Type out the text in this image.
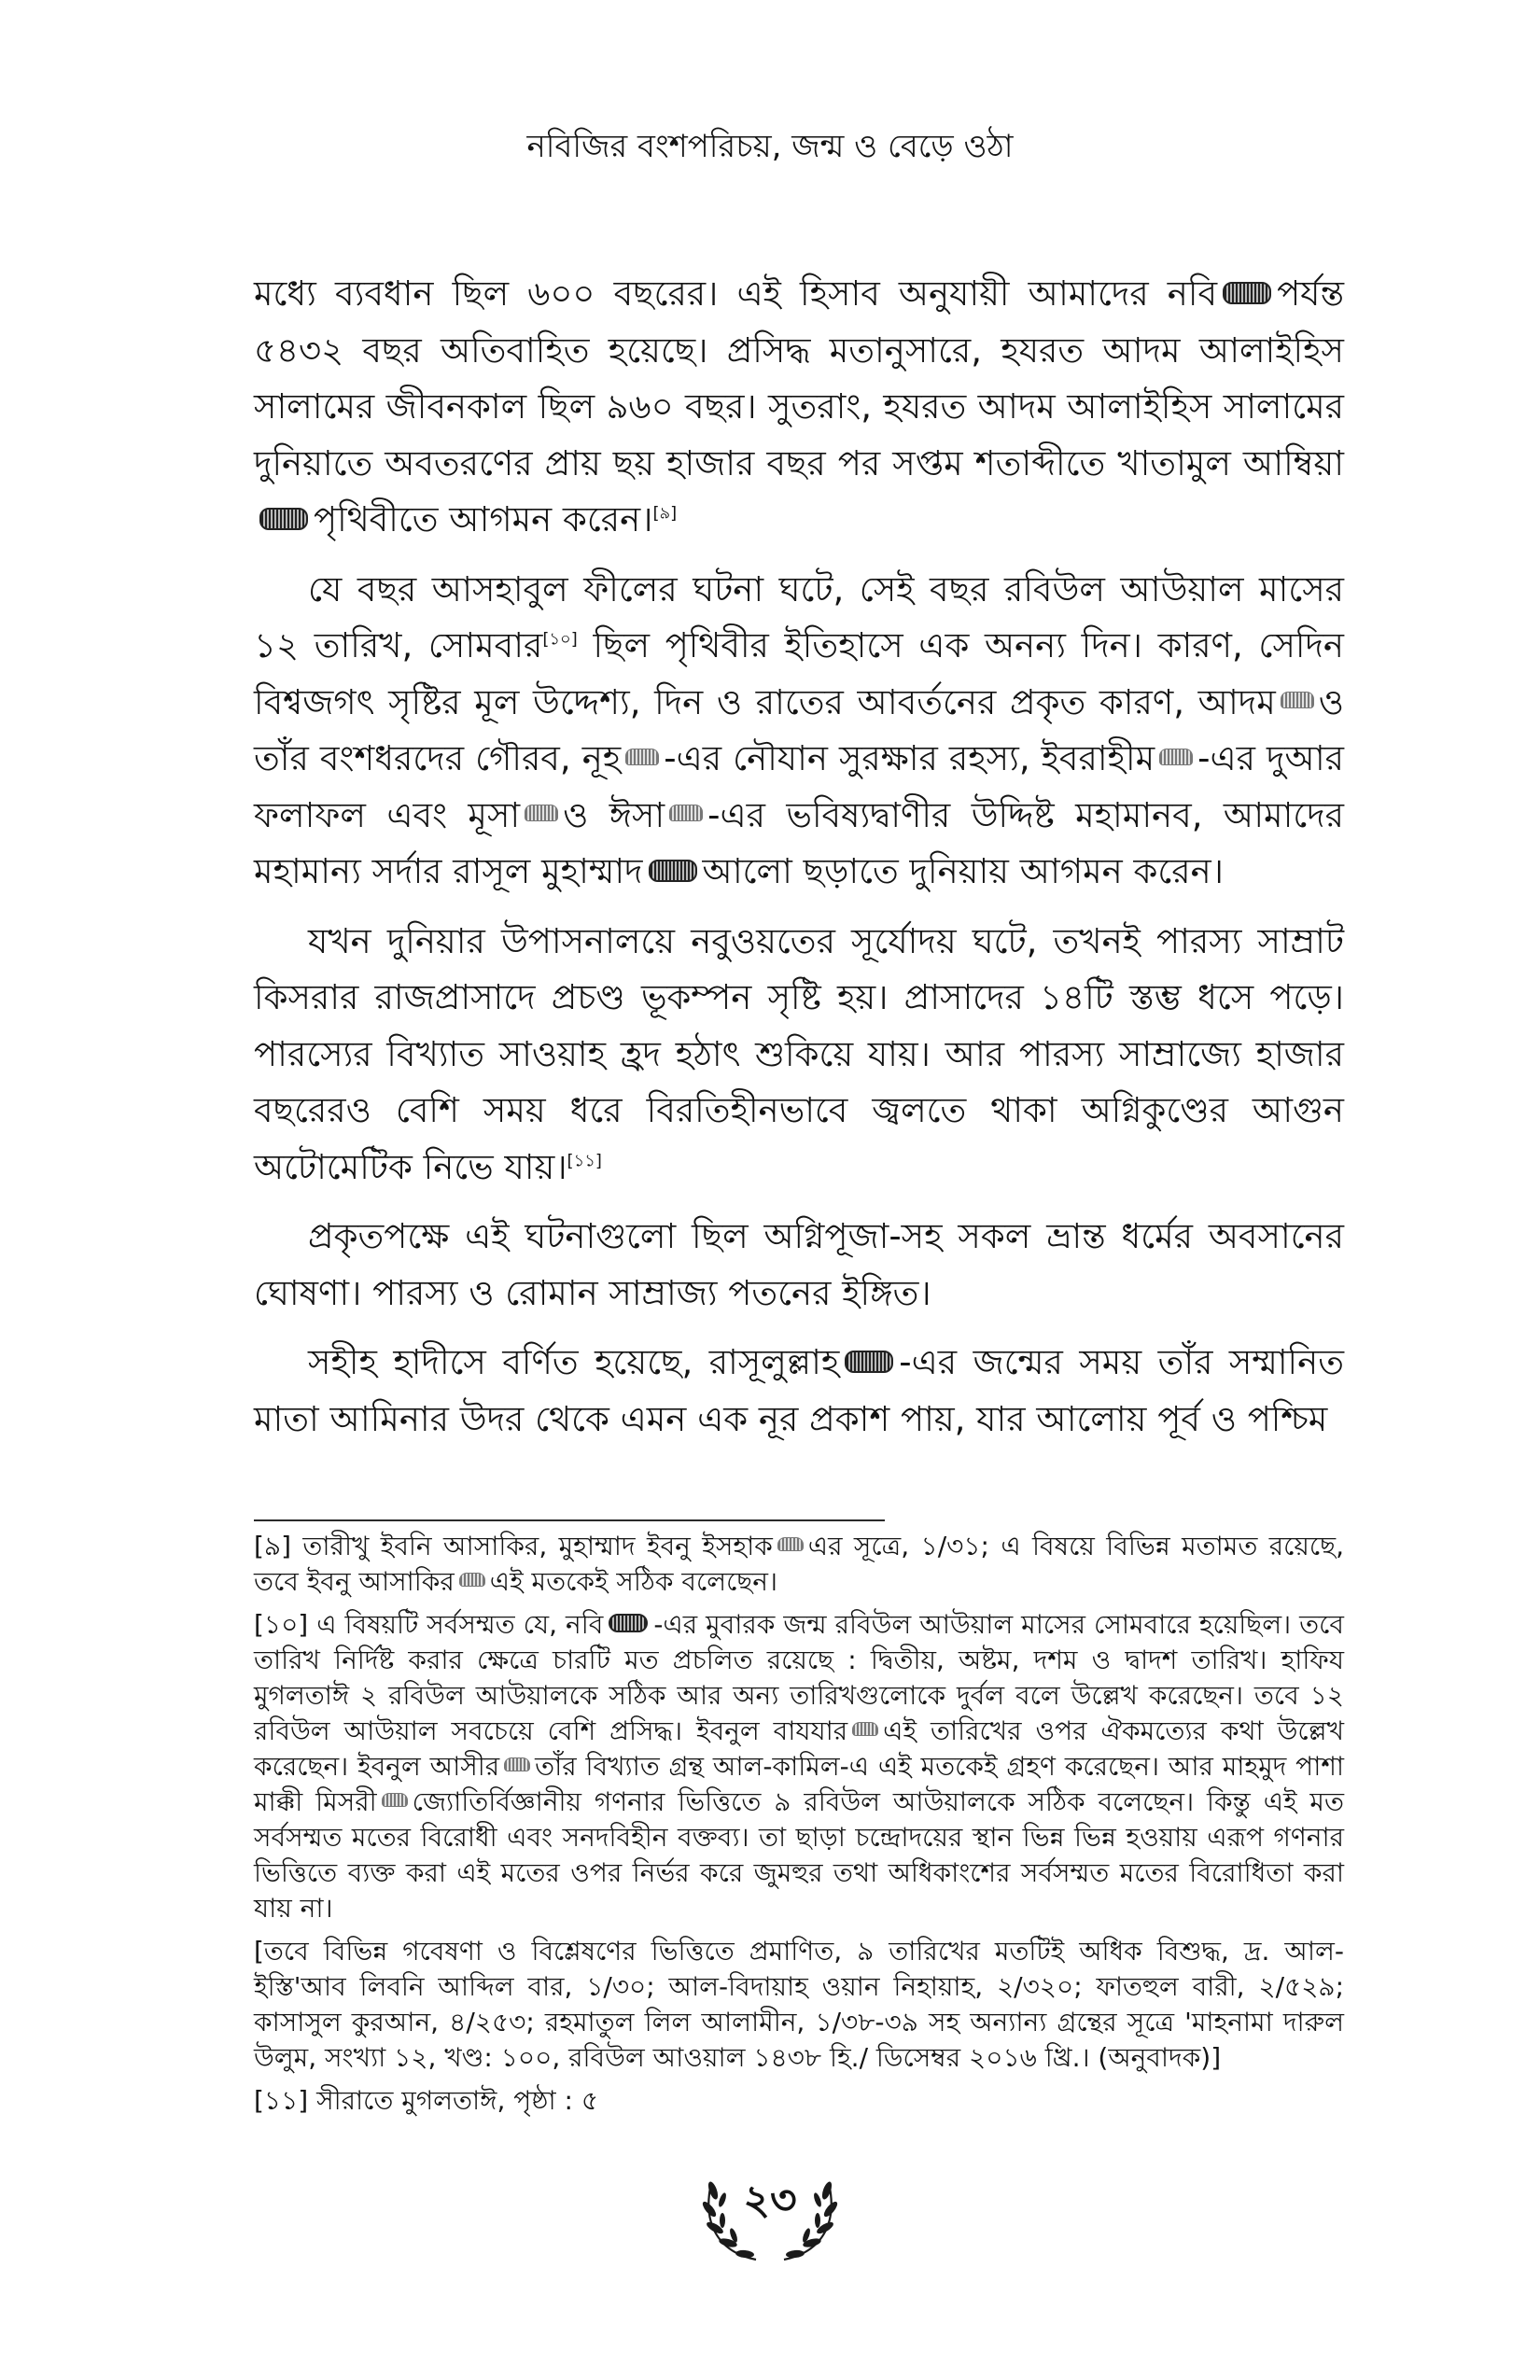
নবিজির বংশপরিচয়, জন্ম ও বেড়ে ওঠা

মধ্যে ব্যবধান ছিল ৬০০ বছরের। এই হিসাব অনুযায়ী আমাদের নবি পর্যন্ত ৫৪৩২ বছর অতিবাহিত হয়েছে। প্রসিদ্ধ মতানুসারে, হযরত আদম আলাইহিস সালামের জীবনকাল ছিল ৯৬০ বছর। সুতরাং, হযরত আদম আলাইহিস সালামের দুনিয়াতে অবতরণের প্রায় ছয় হাজার বছর পর সপ্তম শতাব্দীতে খাতামুল আম্বিয়াপৃথিবীতে আগমন করেন।[৯]

যে বছর আসহাবুল ফীলের ঘটনা ঘটে, সেই বছর রবিউল আউয়াল মাসের ১২ তারিখ, সোমবার[১০] ছিল পৃথিবীর ইতিহাসে এক অনন্য দিন। কারণ, সেদিন বিশ্বজগৎ সৃষ্টির মূল উদ্দেশ্য, দিন ও রাতের আবর্তনের প্রকৃত কারণ, আদম ও তাঁর বংশধরদের গৌরব, নূহ -এর নৌযান সুরক্ষার রহস্য, ইবরাহীম -এর দুআর ফলাফল এবং মূসা ও ঈসা -এর ভবিষ্যদ্বাণীর উদ্দিষ্ট মহামানব, আমাদের মহামান্য সর্দার রাসূল মুহাম্মাদ আলো ছড়াতে দুনিয়ায় আগমন করেন।

যখন দুনিয়ার উপাসনালয়ে নবুওয়তের সূর্যোদয় ঘটে, তখনই পারস্য সাম্রাট কিসরার রাজপ্রাসাদে প্রচণ্ড ভূকম্পন সৃষ্টি হয়। প্রাসাদের ১৪টি স্তম্ভ ধসে পড়ে। পারস্যের বিখ্যাত সাওয়াহ হ্রদ হঠাৎ শুকিয়ে যায়। আর পারস্য সাম্রাজ্যে হাজার বছরেরও বেশি সময় ধরে বিরতিহীনভাবে জ্বলতে থাকা অগ্নিকুণ্ডের আগুন অটোমেটিক নিভে যায়।[১১]

প্রকৃতপক্ষে এই ঘটনাগুলো ছিল অগ্নিপূজা-সহ সকল ভ্রান্ত ধর্মের অবসানের ঘোষণা। পারস্য ও রোমান সাম্রাজ্য পতনের ইঙ্গিত।

সহীহ হাদীসে বর্ণিত হয়েছে, রাসূলুল্লাহ -এর জন্মের সময় তাঁর সম্মানিত মাতা আমিনার উদর থেকে এমন এক নূর প্রকাশ পায়, যার আলোয় পূর্ব ও পশ্চিম

[৯] তারীখু ইবনি আসাকির, মুহাম্মাদ ইবনু ইসহাক এর সূত্রে, ১/৩১; এ বিষয়ে বিভিন্ন মতামত রয়েছে, তবে ইবনু আসাকির এই মতকেই সঠিক বলেছেন।

[১০] এ বিষয়টি সর্বসম্মত যে, নবি -এর মুবারক জন্ম রবিউল আউয়াল মাসের সোমবারে হয়েছিল। তবে তারিখ নির্দিষ্ট করার ক্ষেত্রে চারটি মত প্রচলিত রয়েছে : দ্বিতীয়, অষ্টম, দশম ও দ্বাদশ তারিখ। হাফিয মুগলতাঈ ২ রবিউল আউয়ালকে সঠিক আর অন্য তারিখগুলোকে দুর্বল বলে উল্লেখ করেছেন। তবে ১২ রবিউল আউয়াল সবচেয়ে বেশি প্রসিদ্ধ। ইবনুল বাযযার এই তারিখের ওপর ঐকমত্যের কথা উল্লেখ করেছেন। ইবনুল আসীর তাঁর বিখ্যাত গ্রন্থ আল-কামিল-এ এই মতকেই গ্রহণ করেছেন। আর মাহমুদ পাশা মাক্কী মিসরী জ্যোতির্বিজ্ঞানীয় গণনার ভিত্তিতে ৯ রবিউল আউয়ালকে সঠিক বলেছেন। কিন্তু এই মত সর্বসম্মত মতের বিরোধী এবং সনদবিহীন বক্তব্য। তা ছাড়া চন্দ্রোদয়ের স্থান ভিন্ন ভিন্ন হওয়ায় এরূপ গণনার ভিত্তিতে ব্যক্ত করা এই মতের ওপর নির্ভর করে জুমহুর তথা অধিকাংশের সর্বসম্মত মতের বিরোধিতা করা যায় না।

[তবে বিভিন্ন গবেষণা ও বিশ্লেষণের ভিত্তিতে প্রমাণিত, ৯ তারিখের মতটিই অধিক বিশুদ্ধ, দ্র. আল-ইস্তি'আব লিবনি আব্দিল বার, ১/৩০; আল-বিদায়াহ ওয়ান নিহায়াহ, ২/৩২০; ফাতহুল বারী, ২/৫২৯; কাসাসুল কুরআন, ৪/২৫৩; রহমাতুল লিল আলামীন, ১/৩৮-৩৯ সহ অন্যান্য গ্রন্থের সূত্রে 'মাহনামা দারুল উলুম, সংখ্যা ১২, খণ্ড: ১০০, রবিউল আওয়াল ১৪৩৮ হি./ ডিসেম্বর ২০১৬ খ্রি.। (অনুবাদক)]

[১১] সীরাতে মুগলতাঈ, পৃষ্ঠা : ৫

২৩
